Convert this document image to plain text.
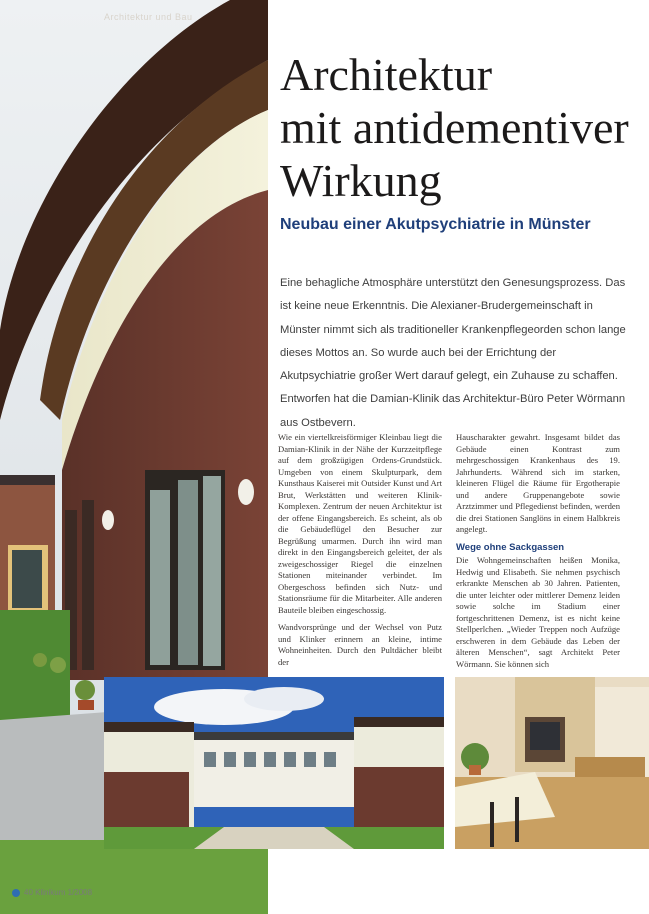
Architektur und Bau
Architektur
mit antidementiver
Wirkung
Neubau einer Akutpsychiatrie in Münster
Eine behagliche Atmosphäre unterstützt den Genesungsprozess. Das ist keine neue Erkenntnis. Die Alexianer-Brudergemeinschaft in Münster nimmt sich als traditioneller Krankenpflegeorden schon lange dieses Mottos an. So wurde auch bei der Errichtung der Akutpsychiatrie großer Wert darauf gelegt, ein Zuhause zu schaffen. Entworfen hat die Damian-Klinik das Architektur-Büro Peter Wörmann aus Ostbevern.

Wie ein viertelkreisförmiger Kleinbau liegt die Damian-Klinik in der Nähe der Kurzzeitpflege auf dem großzügigen Ordens-Grundstück. Umgeben von einem Skulpturpark, dem Kunsthaus Kaiserei mit Outsider Kunst und Art Brut, Werkstätten und weiteren Klinik-Komplexen. Zentrum der neuen Architektur ist der offene Eingangsbereich. Es scheint, als ob die Gebäudeflügel den Besucher zur Begrüßung umarmen. Durch ihn wird man direkt in den Eingangsbereich geleitet, der als zweigeschossiger Riegel die einzelnen Stationen miteinander verbindet. Im Obergeschoss befinden sich Nutz- und Stationsräume für die Mitarbeiter. Alle anderen Bauteile bleiben eingeschossig.

Wandvorsprünge und der Wechsel von Putz und Klinker erinnern an kleine, intime Wohneinheiten. Durch den Pultdächer bleibt der

Hauscharakter gewahrt. Insgesamt bildet das Gebäude einen Kontrast zum mehrgeschossigen Krankenhaus des 19. Jahrhunderts. Während sich im starken, kleineren Flügel die Räume für Ergotherapie und andere Gruppenangebote sowie Arztzimmer und Pflegedienst befinden, werden die drei Stationen Sanglöns in einem Halbkreis angelegt.

Wege ohne Sackgassen

Die Wohngemeinschaften heißen Monika, Hedwig und Elisabeth. Sie nehmen psychisch erkrankte Menschen ab 30 Jahren. Patienten, die unter leichter oder mittlerer Demenz leiden sowie solche im Stadium einer fortgeschrittenen Demenz, ist es nicht keine Stellperlchen. „Wieder Treppen noch Aufzüge erschweren in dem Gebäude das Leben der älteren Menschen“, sagt Architekt Peter Wörmann. Sie können sich

40 Klinikum 1/2008
